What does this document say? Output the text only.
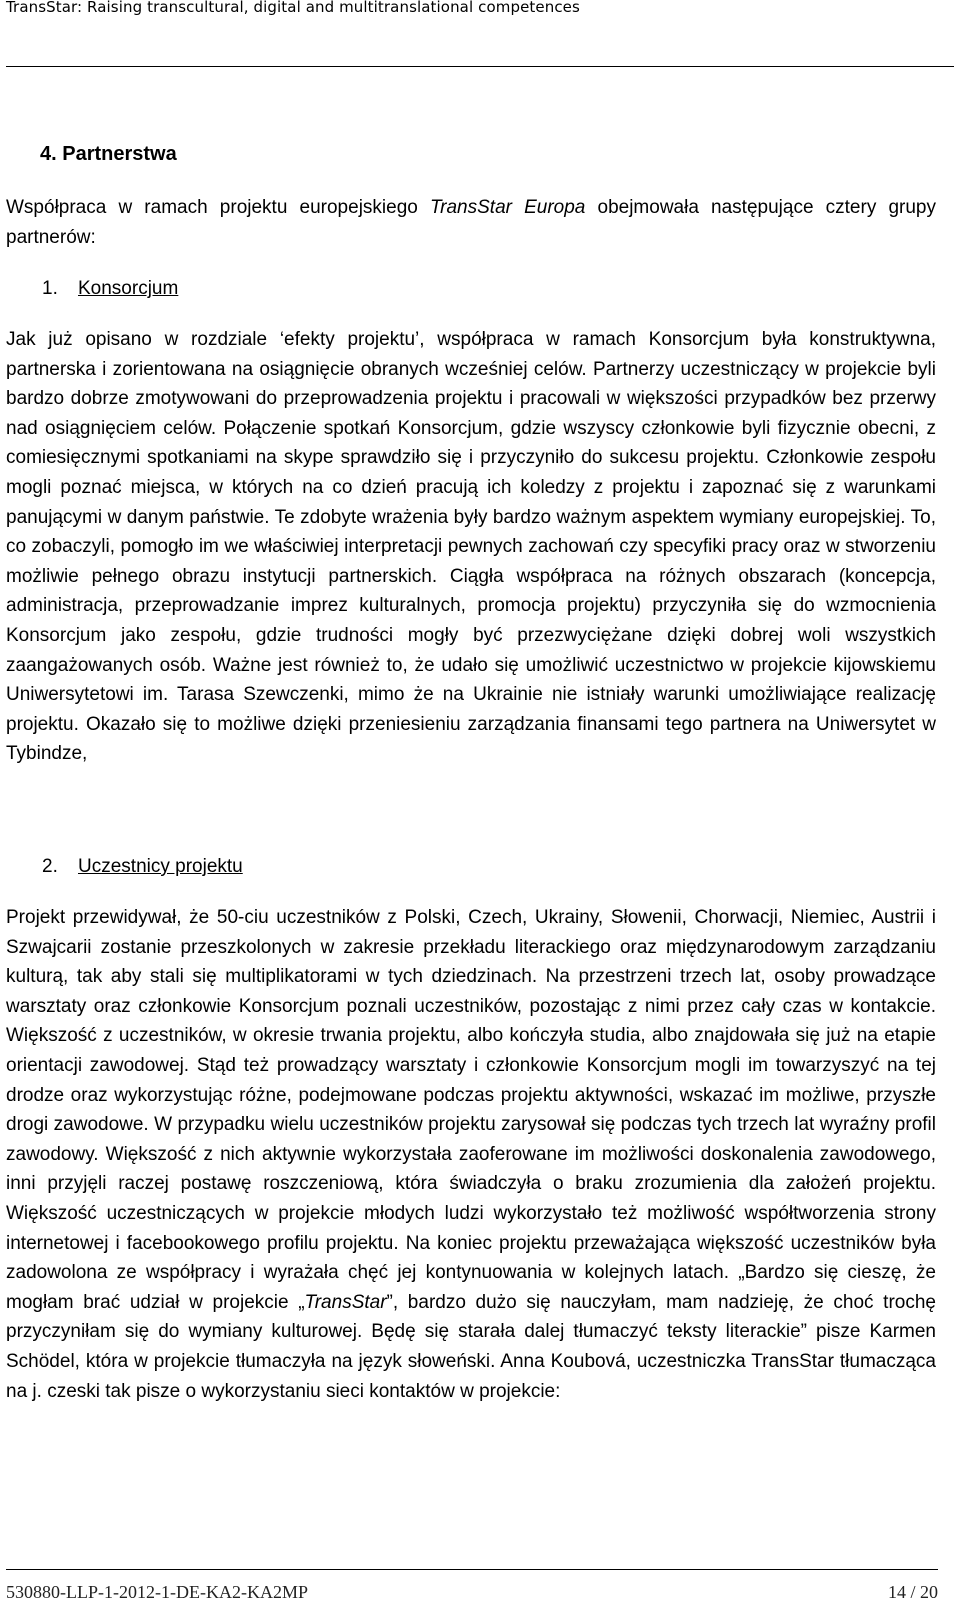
TransStar: Raising transcultural, digital and multitranslational competences
4. Partnerstwa

Współpraca w ramach projektu europejskiego TransStar Europa obejmowała następujące cztery grupy partnerów:

1. Konsorcjum

Jak już opisano w rozdziale ‘efekty projektu’, współpraca w ramach Konsorcjum była konstruktywna, partnerska i zorientowana na osiągnięcie obranych wcześniej celów. Partnerzy uczestniczący w projekcie byli bardzo dobrze zmotywowani do przeprowadzenia projektu i pracowali w większości przypadków bez przerwy nad osiągnięciem celów. Połączenie spotkań Konsorcjum, gdzie wszyscy członkowie byli fizycznie obecni, z comiesięcznymi spotkaniami na skype sprawdziło się i przyczyniło do sukcesu projektu. Członkowie zespołu mogli poznać miejsca, w których na co dzień pracują ich koledzy z projektu i zapoznać się z warunkami panującymi w danym państwie. Te zdobyte wrażenia były bardzo ważnym aspektem wymiany europejskiej. To, co zobaczyli, pomogło im we właściwiej interpretacji pewnych zachowań czy specyfiki pracy oraz w stworzeniu możliwie pełnego obrazu instytucji partnerskich. Ciągła współpraca na różnych obszarach (koncepcja, administracja, przeprowadzanie imprez kulturalnych, promocja projektu) przyczyniła się do wzmocnienia Konsorcjum jako zespołu, gdzie trudności mogły być przezwyciężane dzięki dobrej woli wszystkich zaangażowanych osób. Ważne jest również to, że udało się umożliwić uczestnictwo w projekcie kijowskiemu Uniwersytetowi im. Tarasa Szewczenki, mimo że na Ukrainie nie istniały warunki umożliwiające realizację projektu. Okazało się to możliwe dzięki przeniesieniu zarządzania finansami tego partnera na Uniwersytet w Tybindze,

2. Uczestnicy projektu

Projekt przewidywał, że 50-ciu uczestników z Polski, Czech, Ukrainy, Słowenii, Chorwacji, Niemiec, Austrii i Szwajcarii zostanie przeszkolonych w zakresie przekładu literackiego oraz międzynarodowym zarządzaniu kulturą, tak aby stali się multiplikatorami w tych dziedzinach. Na przestrzeni trzech lat, osoby prowadzące warsztaty oraz członkowie Konsorcjum poznali uczestników, pozostając z nimi przez cały czas w kontakcie. Większość z uczestników, w okresie trwania projektu, albo kończyła studia, albo znajdowała się już na etapie orientacji zawodowej. Stąd też prowadzący warsztaty i członkowie Konsorcjum mogli im towarzyszyć na tej drodze oraz wykorzystując różne, podejmowane podczas projektu aktywności, wskazać im możliwe, przyszłe drogi zawodowe. W przypadku wielu uczestników projektu zarysował się podczas tych trzech lat wyraźny profil zawodowy. Większość z nich aktywnie wykorzystała zaoferowane im możliwości doskonalenia zawodowego, inni przyjęli raczej postawę roszczeniową, która świadczyła o braku zrozumienia dla założeń projektu. Większość uczestniczących w projekcie młodych ludzi wykorzystało też możliwość współtworzenia strony internetowej i facebookowego profilu projektu. Na koniec projektu przeważająca większość uczestników była zadowolona ze współpracy i wyrażała chęć jej kontynuowania w kolejnych latach. „Bardzo się cieszę, że mogłam brać udział w projekcie „TransStar”, bardzo dużo się nauczyłam, mam nadzieję, że choć trochę przyczyniłam się do wymiany kulturowej. Będę się starała dalej tłumaczyć teksty literackie” pisze Karmen Schödel, która w projekcie tłumaczyła na język słoweński. Anna Koubová, uczestniczka TransStar tłumacząca na j. czeski tak pisze o wykorzystaniu sieci kontaktów w projekcie:

530880-LLP-1-2012-1-DE-KA2-KA2MP	14 / 20
